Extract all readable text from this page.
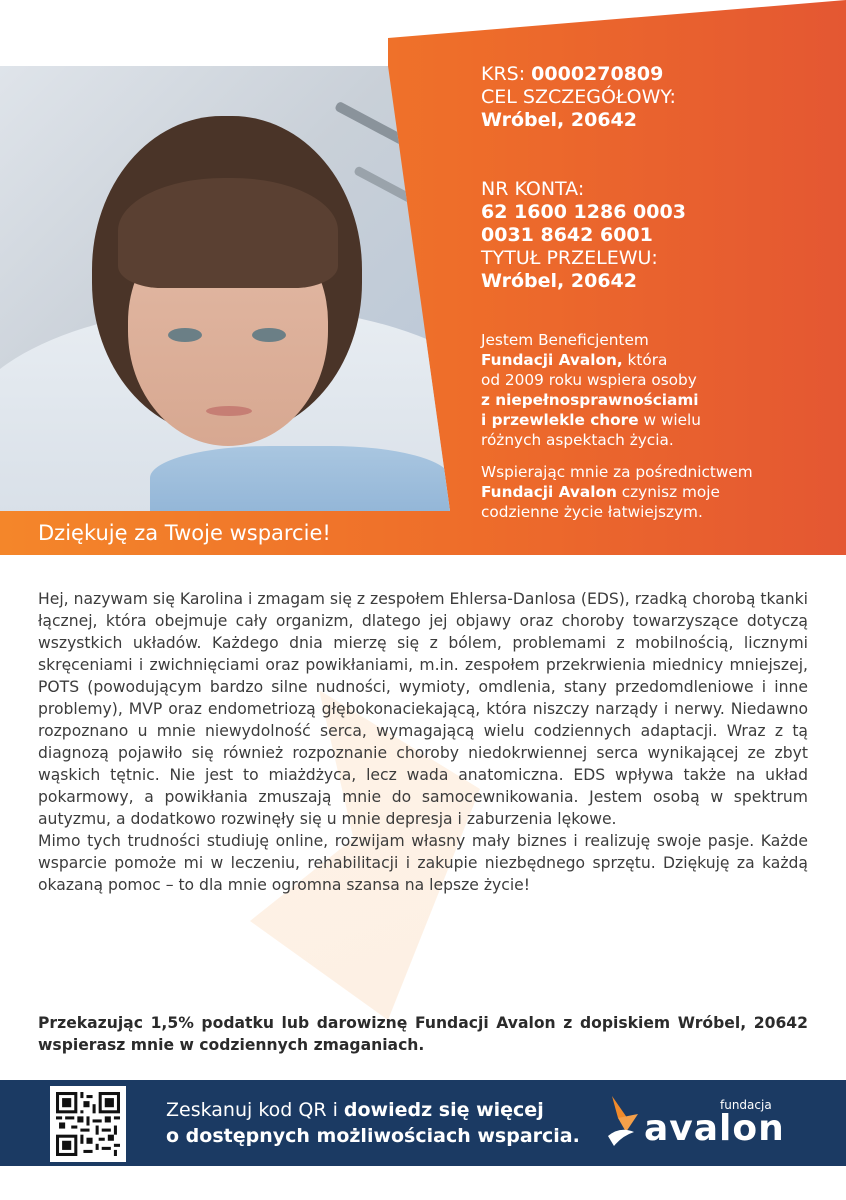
Dziękuję za Twoje wsparcie!

KRS: 0000270809

CEL SZCZEGÓŁOWY:

Wróbel, 20642

NR KONTA:

62 1600 1286 0003

0031 8642 6001

TYTUŁ PRZELEWU:

Wróbel, 20642

Jestem Beneficjentem
Fundacji Avalon, która
od 2009 roku wspiera osoby
z niepełnosprawnościami
i przewlekle chore w wielu
różnych aspektach życia.

Wspierając mnie za pośrednictwem
Fundacji Avalon czynisz moje
codzienne życie łatwiejszym.

Hej, nazywam się Karolina i zmagam się z zespołem Ehlersa-Danlosa (EDS), rzadką chorobą tkanki łącznej, która obejmuje cały organizm, dlatego jej objawy oraz choroby towarzyszące dotyczą wszystkich układów. Każdego dnia mierzę się z bólem, problemami z mobilnością, licznymi skręceniami i zwichnięciami oraz powikłaniami, m.in. zespołem przekrwienia miednicy mniejszej, POTS (powodującym bardzo silne nudności, wymioty, omdlenia, stany przedomdleniowe i inne problemy), MVP oraz endometriozą głębokonaciekającą, która niszczy narządy i nerwy. Niedawno rozpoznano u mnie niewydolność serca, wymagającą wielu codziennych adaptacji. Wraz z tą diagnozą pojawiło się również rozpoznanie choroby niedokrwiennej serca wynikającej ze zbyt wąskich tętnic. Nie jest to miażdżyca, lecz wada anatomiczna. EDS wpływa także na układ pokarmowy, a powikłania zmuszają mnie do samocewnikowania. Jestem osobą w spektrum autyzmu, a dodatkowo rozwinęły się u mnie depresja i zaburzenia lękowe.

Mimo tych trudności studiuję online, rozwijam własny mały biznes i realizuję swoje pasje. Każde wsparcie pomoże mi w leczeniu, rehabilitacji i zakupie niezbędnego sprzętu. Dziękuję za każdą okazaną pomoc – to dla mnie ogromna szansa na lepsze życie!

Przekazując 1,5% podatku lub darowiznę Fundacji Avalon z dopiskiem Wróbel, 20642 wspierasz mnie w codziennych zmaganiach.
Zeskanuj kod QR i dowiedz się więcej
o dostępnych możliwościach wsparcia.
fundacja
avalon
